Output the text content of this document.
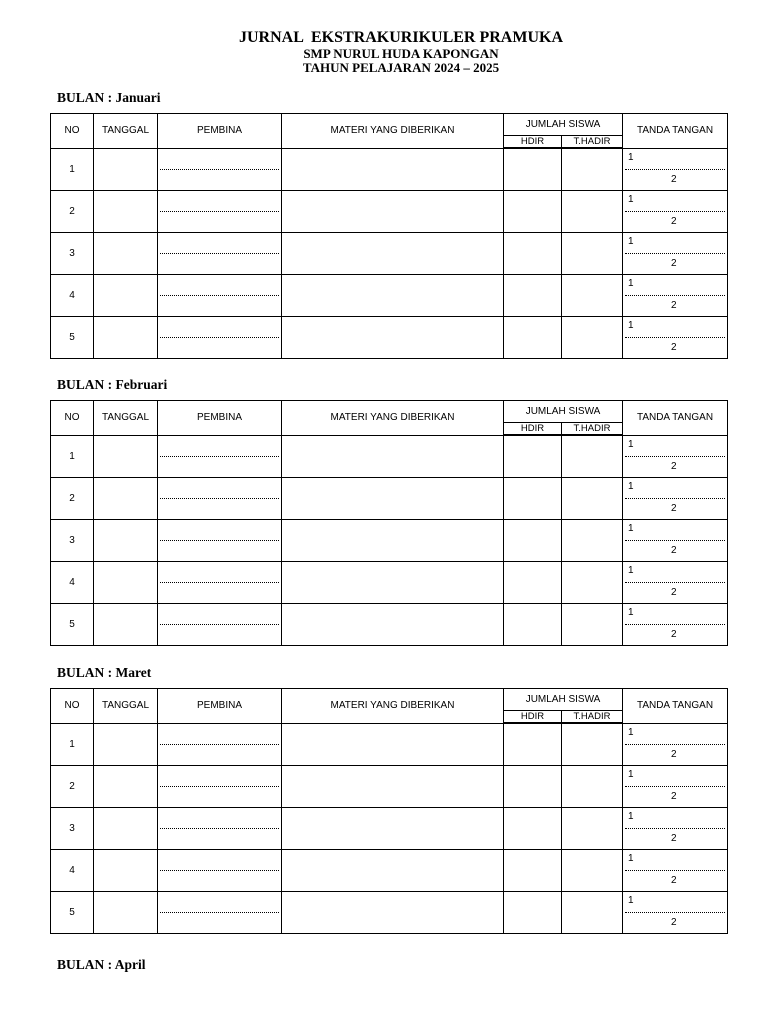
JURNAL  EKSTRAKURIKULER PRAMUKA
SMP NURUL HUDA KAPONGAN
TAHUN PELAJARAN 2024 – 2025
BULAN : Januari
NO	TANGGAL	PEMBINA	MATERI YANG DIBERIKAN	JUMLAH SISWA		TANDA TANGAN
				HDIR	T.HADIR	
1						1
2

2						1
2

3						1
2

4						1
2

5						1
2
BULAN : Februari
NO	TANGGAL	PEMBINA	MATERI YANG DIBERIKAN	JUMLAH SISWA		TANDA TANGAN
				HDIR	T.HADIR	
1						1
2

2						1
2

3						1
2

4						1
2

5						1
2
BULAN : Maret
NO	TANGGAL	PEMBINA	MATERI YANG DIBERIKAN	JUMLAH SISWA		TANDA TANGAN
				HDIR	T.HADIR	
1						1
2

2						1
2

3						1
2

4						1
2

5						1
2
BULAN : April
